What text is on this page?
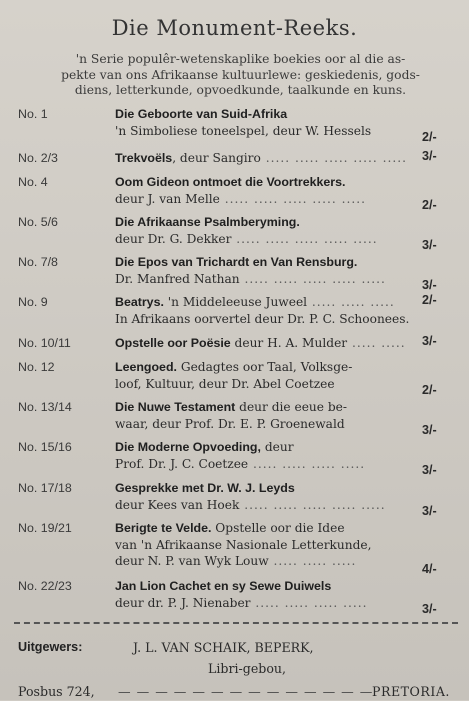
Die Monument-Reeks.
'n Serie populêr-wetenskaplike boekies oor al die as-
pekte van ons Afrikaanse kultuurlewe: geskiedenis, gods-
diens, letterkunde, opvoedkunde, taalkunde en kuns.
No. 1	Die Geboorte van Suid-Afrika
'n Simboliese toneelspel, deur W. Hessels	2/-
No. 2/3	Trekvoëls, deur Sangiro ..... ..... ..... ..... .....	3/-
No. 4	Oom Gideon ontmoet die Voortrekkers.
deur J. van Melle ..... ..... ..... ..... .....	2/-
No. 5/6	Die Afrikaanse Psalmberyming.
deur Dr. G. Dekker ..... ..... ..... ..... .....	3/-
No. 7/8	Die Epos van Trichardt en Van Rensburg.
Dr. Manfred Nathan ..... ..... ..... ..... .....	3/-
No. 9	Beatrys. 'n Middeleeuse Juweel ..... ..... .....
In Afrikaans oorvertel deur Dr. P. C. Schoonees.
2/-
No. 10/11	Opstelle oor Poësie deur H. A. Mulder ..... .....	3/-
No. 12	Leengoed. Gedagtes oor Taal, Volksge-
loof, Kultuur, deur Dr. Abel Coetzee	2/-
No. 13/14	Die Nuwe Testament deur die eeue be-
waar, deur Prof. Dr. E. P. Groenewald	3/-
No. 15/16	Die Moderne Opvoeding, deur
Prof. Dr. J. C. Coetzee ..... ..... ..... .....	3/-
No. 17/18	Gesprekke met Dr. W. J. Leyds
deur Kees van Hoek ..... ..... ..... ..... .....	3/-
No. 19/21	Berigte te Velde. Opstelle oor die Idee
van 'n Afrikaanse Nasionale Letterkunde,
deur N. P. van Wyk Louw ..... ..... .....
4/-
No. 22/23	Jan Lion Cachet en sy Sewe Duiwels
deur dr. P. J. Nienaber ..... ..... ..... .....	3/-
Uitgewers:	J. L. VAN SCHAIK, BEPERK,
Libri-gebou,
Posbus 724, — — — — — — — — — — — — — —
PRETORIA.
